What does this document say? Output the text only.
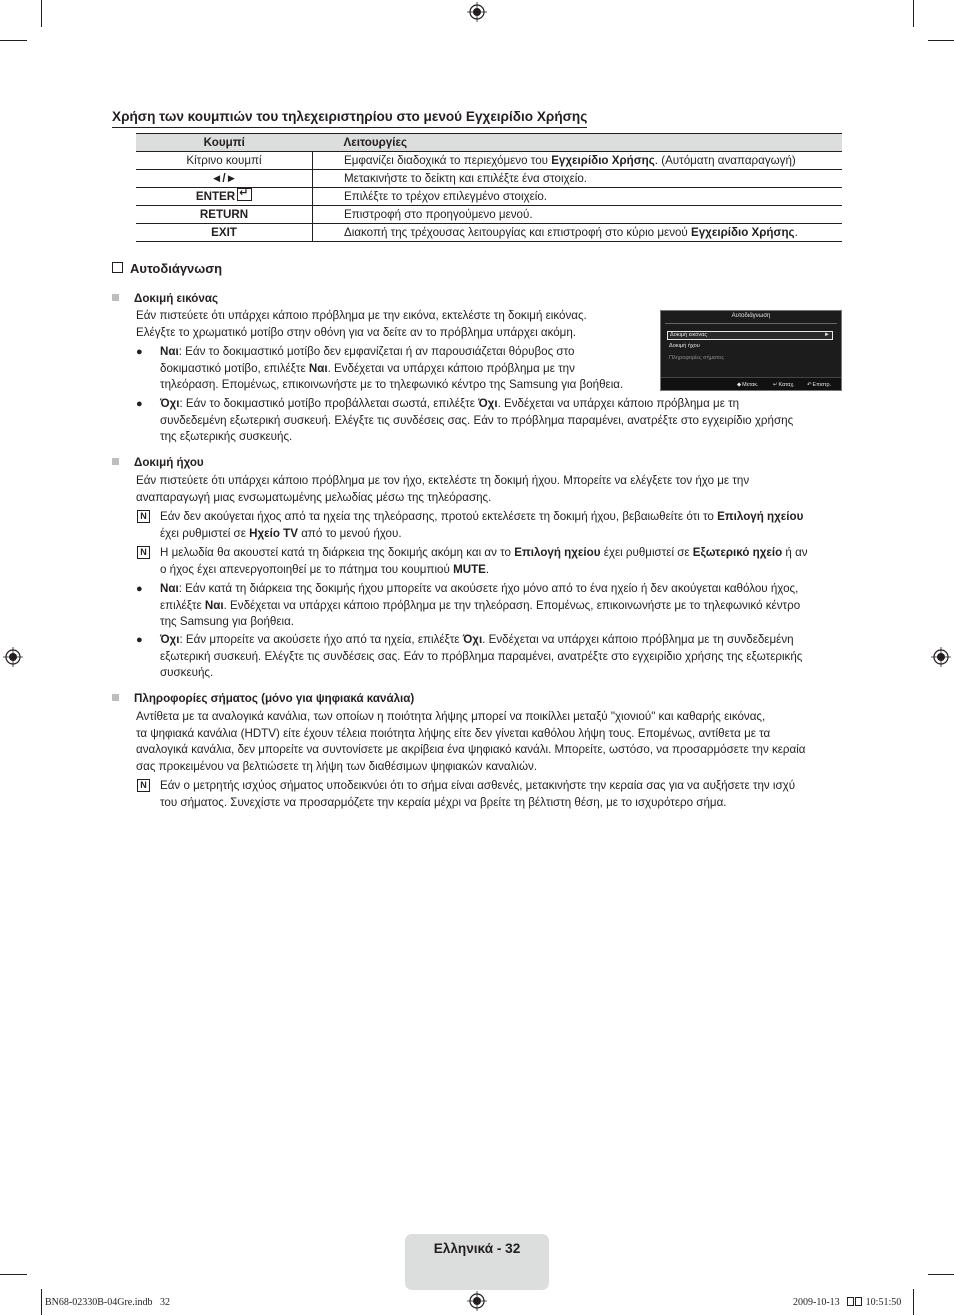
Χρήση των κουμπιών του τηλεχειριστηρίου στο μενού Εγχειρίδιο Χρήσης
Κουμπί	Λειτουργίες
Κίτρινο κουμπί	Εμφανίζει διαδοχικά το περιεχόμενο του Εγχειρίδιο Χρήσης. (Αυτόματη αναπαραγωγή)
◄/►	Μετακινήστε το δείκτη και επιλέξτε ένα στοιχείο.
ENTER↵	Επιλέξτε το τρέχον επιλεγμένο στοιχείο.
RETURN	Επιστροφή στο προηγούμενο μενού.
EXIT	Διακοπή της τρέχουσας λειτουργίας και επιστροφή στο κύριο μενού Εγχειρίδιο Χρήσης.
Αυτοδιάγνωση
Δοκιμή εικόνας
Εάν πιστεύετε ότι υπάρχει κάποιο πρόβλημα με την εικόνα, εκτελέστε τη δοκιμή εικόνας.
Ελέγξτε το χρωματικό μοτίβο στην οθόνη για να δείτε αν το πρόβλημα υπάρχει ακόμη.
● Ναι: Εάν το δοκιμαστικό μοτίβο δεν εμφανίζεται ή αν παρουσιάζεται θόρυβος στο
δοκιμαστικό μοτίβο, επιλέξτε Ναι. Ενδέχεται να υπάρχει κάποιο πρόβλημα με την
τηλεόραση. Επομένως, επικοινωνήστε με το τηλεφωνικό κέντρο της Samsung για βοήθεια.
● Όχι: Εάν το δοκιμαστικό μοτίβο προβάλλεται σωστά, επιλέξτε Όχι. Ενδέχεται να υπάρχει κάποιο πρόβλημα με τη
συνδεδεμένη εξωτερική συσκευή. Ελέγξτε τις συνδέσεις σας. Εάν το πρόβλημα παραμένει, ανατρέξτε στο εγχειρίδιο χρήσης
της εξωτερικής συσκευής.
Αυτοδιάγνωση
Δοκιμή εικόνας	►
Δοκιμή ήχου
Πληροφορίες σήματος
◆Μετακ.	↵Καταχ. ↶Επιστρ.
Δοκιμή ήχου
Εάν πιστεύετε ότι υπάρχει κάποιο πρόβλημα με τον ήχο, εκτελέστε τη δοκιμή ήχου. Μπορείτε να ελέγξετε τον ήχο με την
αναπαραγωγή μιας ενσωματωμένης μελωδίας μέσω της τηλεόρασης.
N Εάν δεν ακούγεται ήχος από τα ηχεία της τηλεόρασης, προτού εκτελέσετε τη δοκιμή ήχου, βεβαιωθείτε ότι το Επιλογή ηχείου
έχει ρυθμιστεί σε Ηχείο TV από το μενού ήχου.
N Η μελωδία θα ακουστεί κατά τη διάρκεια της δοκιμής ακόμη και αν το Επιλογή ηχείου έχει ρυθμιστεί σε Εξωτερικό ηχείο ή αν
ο ήχος έχει απενεργοποιηθεί με το πάτημα του κουμπιού MUTE.
● Ναι: Εάν κατά τη διάρκεια της δοκιμής ήχου μπορείτε να ακούσετε ήχο μόνο από το ένα ηχείο ή δεν ακούγεται καθόλου ήχος,
επιλέξτε Ναι. Ενδέχεται να υπάρχει κάποιο πρόβλημα με την τηλεόραση. Επομένως, επικοινωνήστε με το τηλεφωνικό κέντρο
της Samsung για βοήθεια.
● Όχι: Εάν μπορείτε να ακούσετε ήχο από τα ηχεία, επιλέξτε Όχι. Ενδέχεται να υπάρχει κάποιο πρόβλημα με τη συνδεδεμένη
εξωτερική συσκευή. Ελέγξτε τις συνδέσεις σας. Εάν το πρόβλημα παραμένει, ανατρέξτε στο εγχειρίδιο χρήσης της εξωτερικής
συσκευής.
Πληροφορίες σήματος (μόνο για ψηφιακά κανάλια)
Αντίθετα με τα αναλογικά κανάλια, των οποίων η ποιότητα λήψης μπορεί να ποικίλλει μεταξύ "χιονιού" και καθαρής εικόνας,
τα ψηφιακά κανάλια (HDTV) είτε έχουν τέλεια ποιότητα λήψης είτε δεν γίνεται καθόλου λήψη τους. Επομένως, αντίθετα με τα
αναλογικά κανάλια, δεν μπορείτε να συντονίσετε με ακρίβεια ένα ψηφιακό κανάλι. Μπορείτε, ωστόσο, να προσαρμόσετε την κεραία
σας προκειμένου να βελτιώσετε τη λήψη των διαθέσιμων ψηφιακών καναλιών.
N Εάν ο μετρητής ισχύος σήματος υποδεικνύει ότι το σήμα είναι ασθενές, μετακινήστε την κεραία σας για να αυξήσετε την ισχύ
του σήματος. Συνεχίστε να προσαρμόζετε την κεραία μέχρι να βρείτε τη βέλτιστη θέση, με το ισχυρότερο σήμα.
Ελληνικά - 32
BN68-02330B-04Gre.indb 32	2009-10-13	10:51:50
